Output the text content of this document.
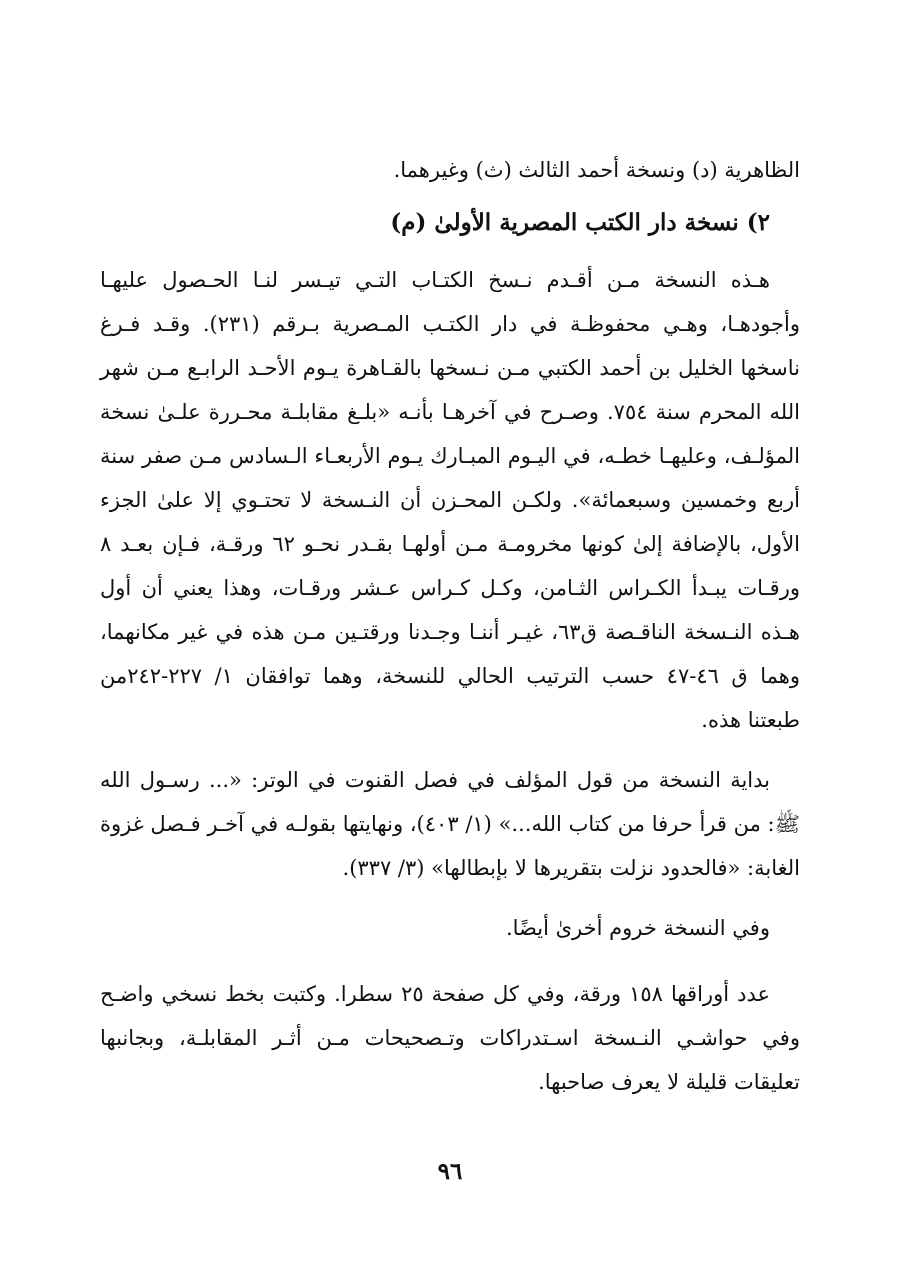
الظاهرية (د) ونسخة أحمد الثالث (ث) وغيرهما.

٢) نسخة دار الكتب المصرية الأولىٰ (م)

هـذه النسخة مـن أقـدم نـسخ الكتـاب التـي تيـسر لنـا الحـصول عليهـا وأجودهـا، وهـي محفوظـة في دار الكتـب المـصرية بـرقم (٢٣١). وقـد فـرغ ناسخها الخليل بن أحمد الكتبي مـن نـسخها بالقـاهرة يـوم الأحـد الرابـع مـن شهر الله المحرم سنة ٧٥٤. وصـرح في آخرهـا بأنـه «بلـغ مقابلـة محـررة علـىٰ نسخة المؤلـف، وعليهـا خطـه، في اليـوم المبـارك يـوم الأربعـاء الـسادس مـن صفر سنة أربع وخمسين وسبعمائة». ولكـن المحـزن أن النـسخة لا تحتـوي إلا علىٰ الجزء الأول، بالإضافة إلىٰ كونها مخرومـة مـن أولهـا بقـدر نحـو ٦٢ ورقـة، فـإن بعـد ٨ ورقـات يبـدأ الكـراس الثـامن، وكـل كـراس عـشر ورقـات، وهذا يعني أن أول هـذه النـسخة الناقـصة ق٦٣، غيـر أننـا وجـدنا ورقتـين مـن هذه في غير مكانهما، وهما ق ٤٦-٤٧ حسب الترتيب الحالي للنسخة، وهما توافقان ١/ ٢٢٧-٢٤٢من طبعتنا هذه.

بداية النسخة من قول المؤلف في فصل القنوت في الوتر: «... رسـول الله ﷺ: من قرأ حرفا من كتاب الله...» (١/ ٤٠٣)، ونهايتها بقولـه في آخـر فـصل غزوة الغابة: «فالحدود نزلت بتقريرها لا بإبطالها» (٣/ ٣٣٧).

وفي النسخة خروم أخرىٰ أيضًا.

عدد أوراقها ١٥٨ ورقة، وفي كل صفحة ٢٥ سطرا. وكتبت بخط نسخي واضـح وفي حواشـي النـسخة اسـتدراكات وتـصحيحات مـن أثـر المقابلـة، وبجانبها تعليقات قليلة لا يعرف صاحبها.

٩٦
